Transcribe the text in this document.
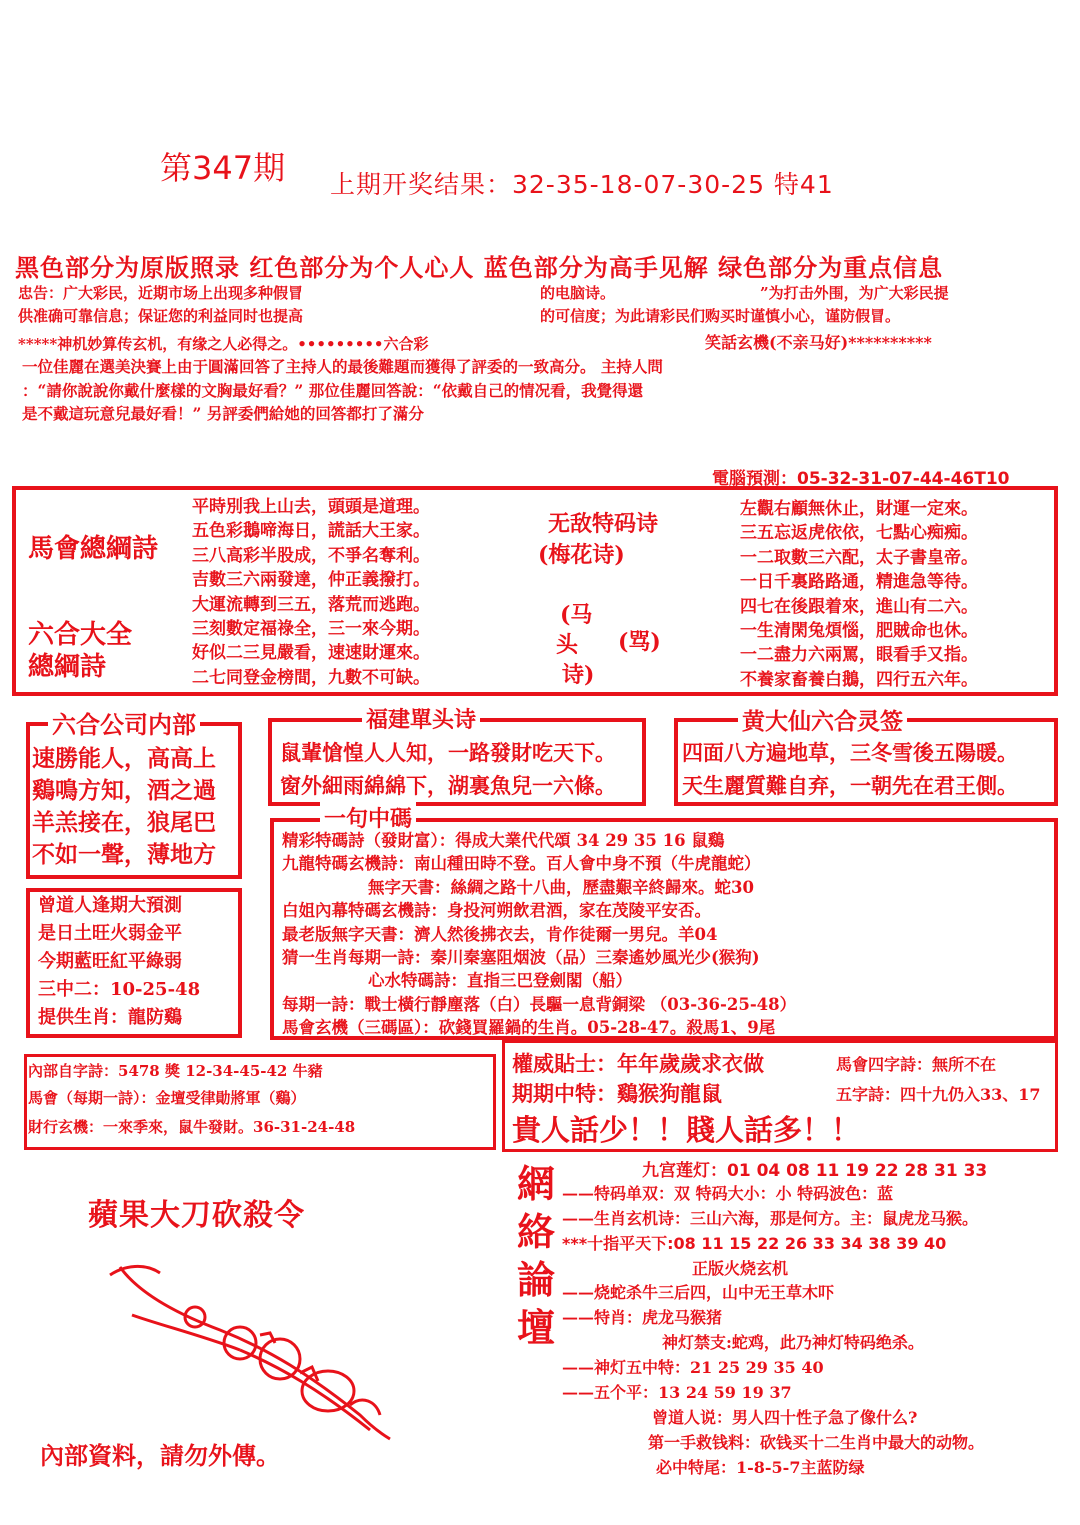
第347期 上期开奖结果：32-35-18-07-30-25 特41
黑色部分为原版照录 红色部分为个人心人 蓝色部分为高手见解 绿色部分为重点信息
忠告：广大彩民，近期市场上出现多种假冒	的电脑诗。	”为打击外围，为广大彩民提
供准确可靠信息；保证您的利益同时也提高	的可信度；为此请彩民们购买时谨慎小心，谨防假冒。
*****神机妙算传玄机，有缘之人必得之。•••••••••六合彩	笑話玄機(不亲马好)**********
一位佳麗在選美決賽上由于圓滿回答了主持人的最後難題而獲得了評委的一致高分。 主持人問
：“請你說說你戴什麼樣的文胸最好看？” 那位佳麗回答說：“依戴自己的情况看，我覺得還
是不戴這玩意兒最好看！” 另評委們給她的回答都打了滿分
電腦預測：05-32-31-07-44-46T10
馬會總綱詩
六合大全
總綱詩
平時別我上山去，頭頭是道理。
五色彩鵝啼海日，謊話大王家。
三八高彩半股成，不爭名奪利。
吉數三六兩發達，仲正義撥打。
大運流轉到三五，落荒而逃跑。
三刻數定福祿全，三一來今期。
好似二三見嚴看，速速財運來。
二七同登金榜間，九數不可缺。
无敌特码诗
(梅花诗)
(马
头
诗)
(骂)
左觀右顧無休止，財運一定來。
三五忘返虎依依，七點心痴痴。
一二取數三六配，太子書皇帝。
一日千裏路路通，精進急等待。
四七在後跟着來，進山有二六。
一生清閑兔煩惱，肥賊命也休。
一二盡力六兩罵，眼看手又指。
不養家畜養白鵝，四行五六年。
六合公司内部
速勝能人，高高上
鷄鳴方知，酒之過
羊羔接在，狼尾巴
不如一聲，薄地方
福建單头诗
鼠輩愴惶人人知，一路發財吃天下。
窗外細雨綿綿下，湖裏魚兒一六條。
黄大仙六合灵签
四面八方遍地草，三冬雪後五陽暖。
天生麗質難自弃，一朝先在君王側。
曾道人逢期大預測
是日土旺火弱金平
今期藍旺紅平綠弱
三中二：10-25-48
提供生肖：龍防鷄
一句中碼
精彩特碼詩（發財富）：得成大業代代頌 34 29 35 16 鼠鷄
九龍特碼玄機詩：南山種田時不登。百人會中身不預（牛虎龍蛇）
無字天書：絲綢之路十八曲，歷盡艱辛終歸來。蛇30
白姐內幕特碼玄機詩：身投河朔飲君酒，家在茂陵平安否。
最老版無字天書：濟人然後拂衣去，肯作徒爾一男兒。羊04
猜一生肖每期一詩：秦川秦塞阻烟波（品）三秦遙妙風光少(猴狗)
心水特碼詩：直指三巴登劍閣（船）
每期一詩：戰士橫行靜塵落（白）長驅一息背銅梁 （03-36-25-48）
馬會玄機（三碼區）：砍錢買羅鍋的生肖。05-28-47。殺馬1、9尾
內部自字詩：5478 獎 12-34-45-42 牛豬
馬會（每期一詩）：金壇受律勛將軍（鷄）
財行玄機：一來季來，鼠牛發財。36-31-24-48
權威貼士：年年歲歲求衣做	馬會四字詩：無所不在
期期中特：鷄猴狗龍鼠	五字詩：四十九仍入33、17
貴人話少！！賤人話多！！
蘋果大刀砍殺令
內部資料，請勿外傳。
網
絡
論
壇
九宫莲灯：01 04 08 11 19 22 28 31 33
——特码单双：双 特码大小：小 特码波色：蓝
——生肖玄机诗：三山六海，那是何方。主：鼠虎龙马猴。
***十指平天下:08 11 15 22 26 33 34 38 39 40
正版火烧玄机
——烧蛇杀牛三后四，山中无王草木吓
——特肖：虎龙马猴猪
神灯禁支:蛇鸡，此乃神灯特码绝杀。
——神灯五中特：21 25 29 35 40
——五个平：13 24 59 19 37
曾道人说：男人四十性子急了像什么?
第一手救钱料：砍钱买十二生肖中最大的动物。
必中特尾：1-8-5-7主蓝防绿
